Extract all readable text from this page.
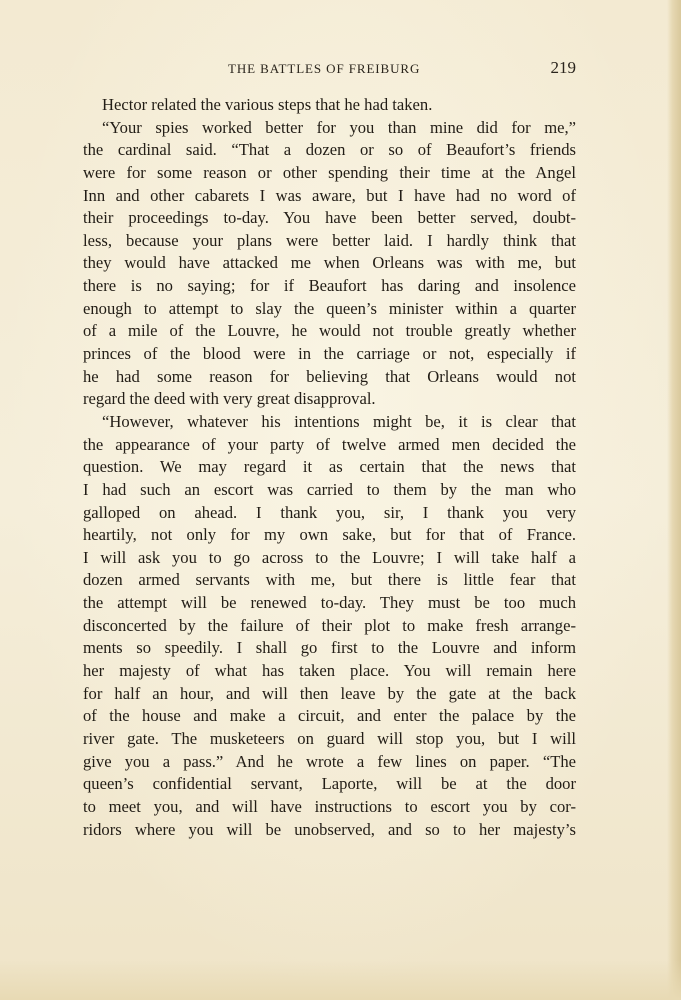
THE BATTLES OF FREIBURG	219
Hector related the various steps that he had taken.
“Your spies worked better for you than mine did for me,”
the cardinal said. “That a dozen or so of Beaufort’s friends
were for some reason or other spending their time at the Angel
Inn and other cabarets I was aware, but I have had no word of
their proceedings to-day. You have been better served, doubt-
less, because your plans were better laid. I hardly think that
they would have attacked me when Orleans was with me, but
there is no saying; for if Beaufort has daring and insolence
enough to attempt to slay the queen’s minister within a quarter
of a mile of the Louvre, he would not trouble greatly whether
princes of the blood were in the carriage or not, especially if
he had some reason for believing that Orleans would not
regard the deed with very great disapproval.
“However, whatever his intentions might be, it is clear that
the appearance of your party of twelve armed men decided the
question. We may regard it as certain that the news that
I had such an escort was carried to them by the man who
galloped on ahead. I thank you, sir, I thank you very
heartily, not only for my own sake, but for that of France.
I will ask you to go across to the Louvre; I will take half a
dozen armed servants with me, but there is little fear that
the attempt will be renewed to-day. They must be too much
disconcerted by the failure of their plot to make fresh arrange-
ments so speedily. I shall go first to the Louvre and inform
her majesty of what has taken place. You will remain here
for half an hour, and will then leave by the gate at the back
of the house and make a circuit, and enter the palace by the
river gate. The musketeers on guard will stop you, but I will
give you a pass.” And he wrote a few lines on paper. “The
queen’s confidential servant, Laporte, will be at the door
to meet you, and will have instructions to escort you by cor-
ridors where you will be unobserved, and so to her majesty’s
